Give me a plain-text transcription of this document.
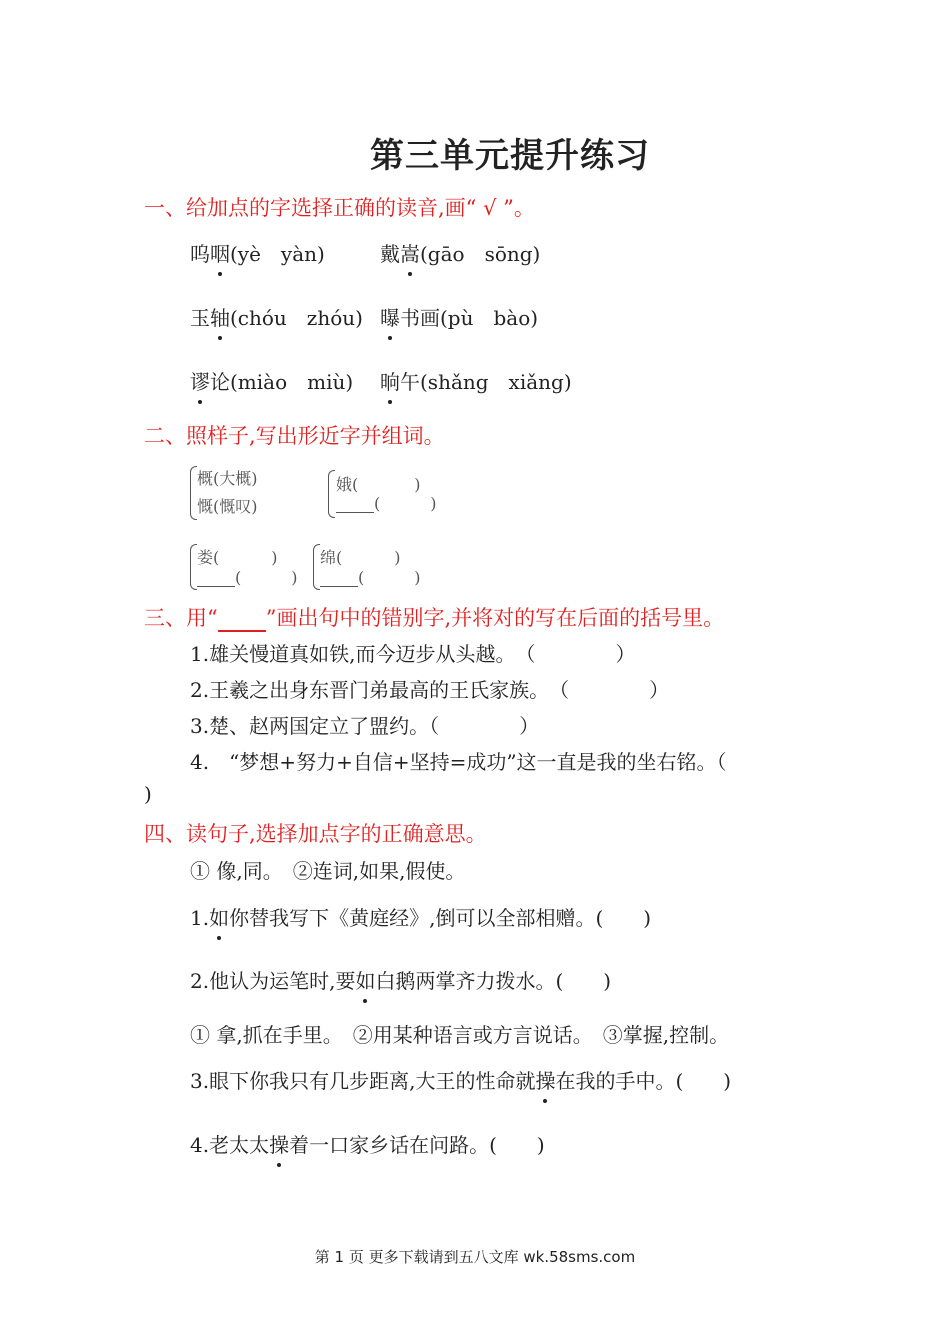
第三单元提升练习
一、给加点的字选择正确的读音,画“ √ ”。
呜咽(yè　yàn)	戴嵩(gāo　sōng)
玉轴(chóu　zhóu) 曝书画(pù　bào)
谬论(miào　miù) 晌午(shǎng　xiǎng)
二、照样子,写出形近字并组词。
概(大概)
慨(慨叹)
娥(	)
(	)
娄(	)
(	)
绵(	)
(	)
三、用“ ”画出句中的错别字,并将对的写在后面的括号里。
1.雄关慢道真如铁,而今迈步从头越。　（　　　　）
2.王羲之出身东晋门弟最高的王氏家族。　（　　　　）
3.楚、赵两国定立了盟约。（　　　　）
4.　“梦想+努力+自信+坚持=成功”这一直是我的坐右铭。（
)
四、读句子,选择加点字的正确意思。
① 像,同。　②连词,如果,假使。
1.如你替我写下《黄庭经》,倒可以全部相赠。(　　)
2.他认为运笔时,要如白鹅两掌齐力拨水。(　　)
① 拿,抓在手里。　②用某种语言或方言说话。　③掌握,控制。
3.眼下你我只有几步距离,大王的性命就操在我的手中。(　　)
4.老太太操着一口家乡话在问路。(　　)
第 1 页 更多下载请到五八文库 wk.58sms.com
